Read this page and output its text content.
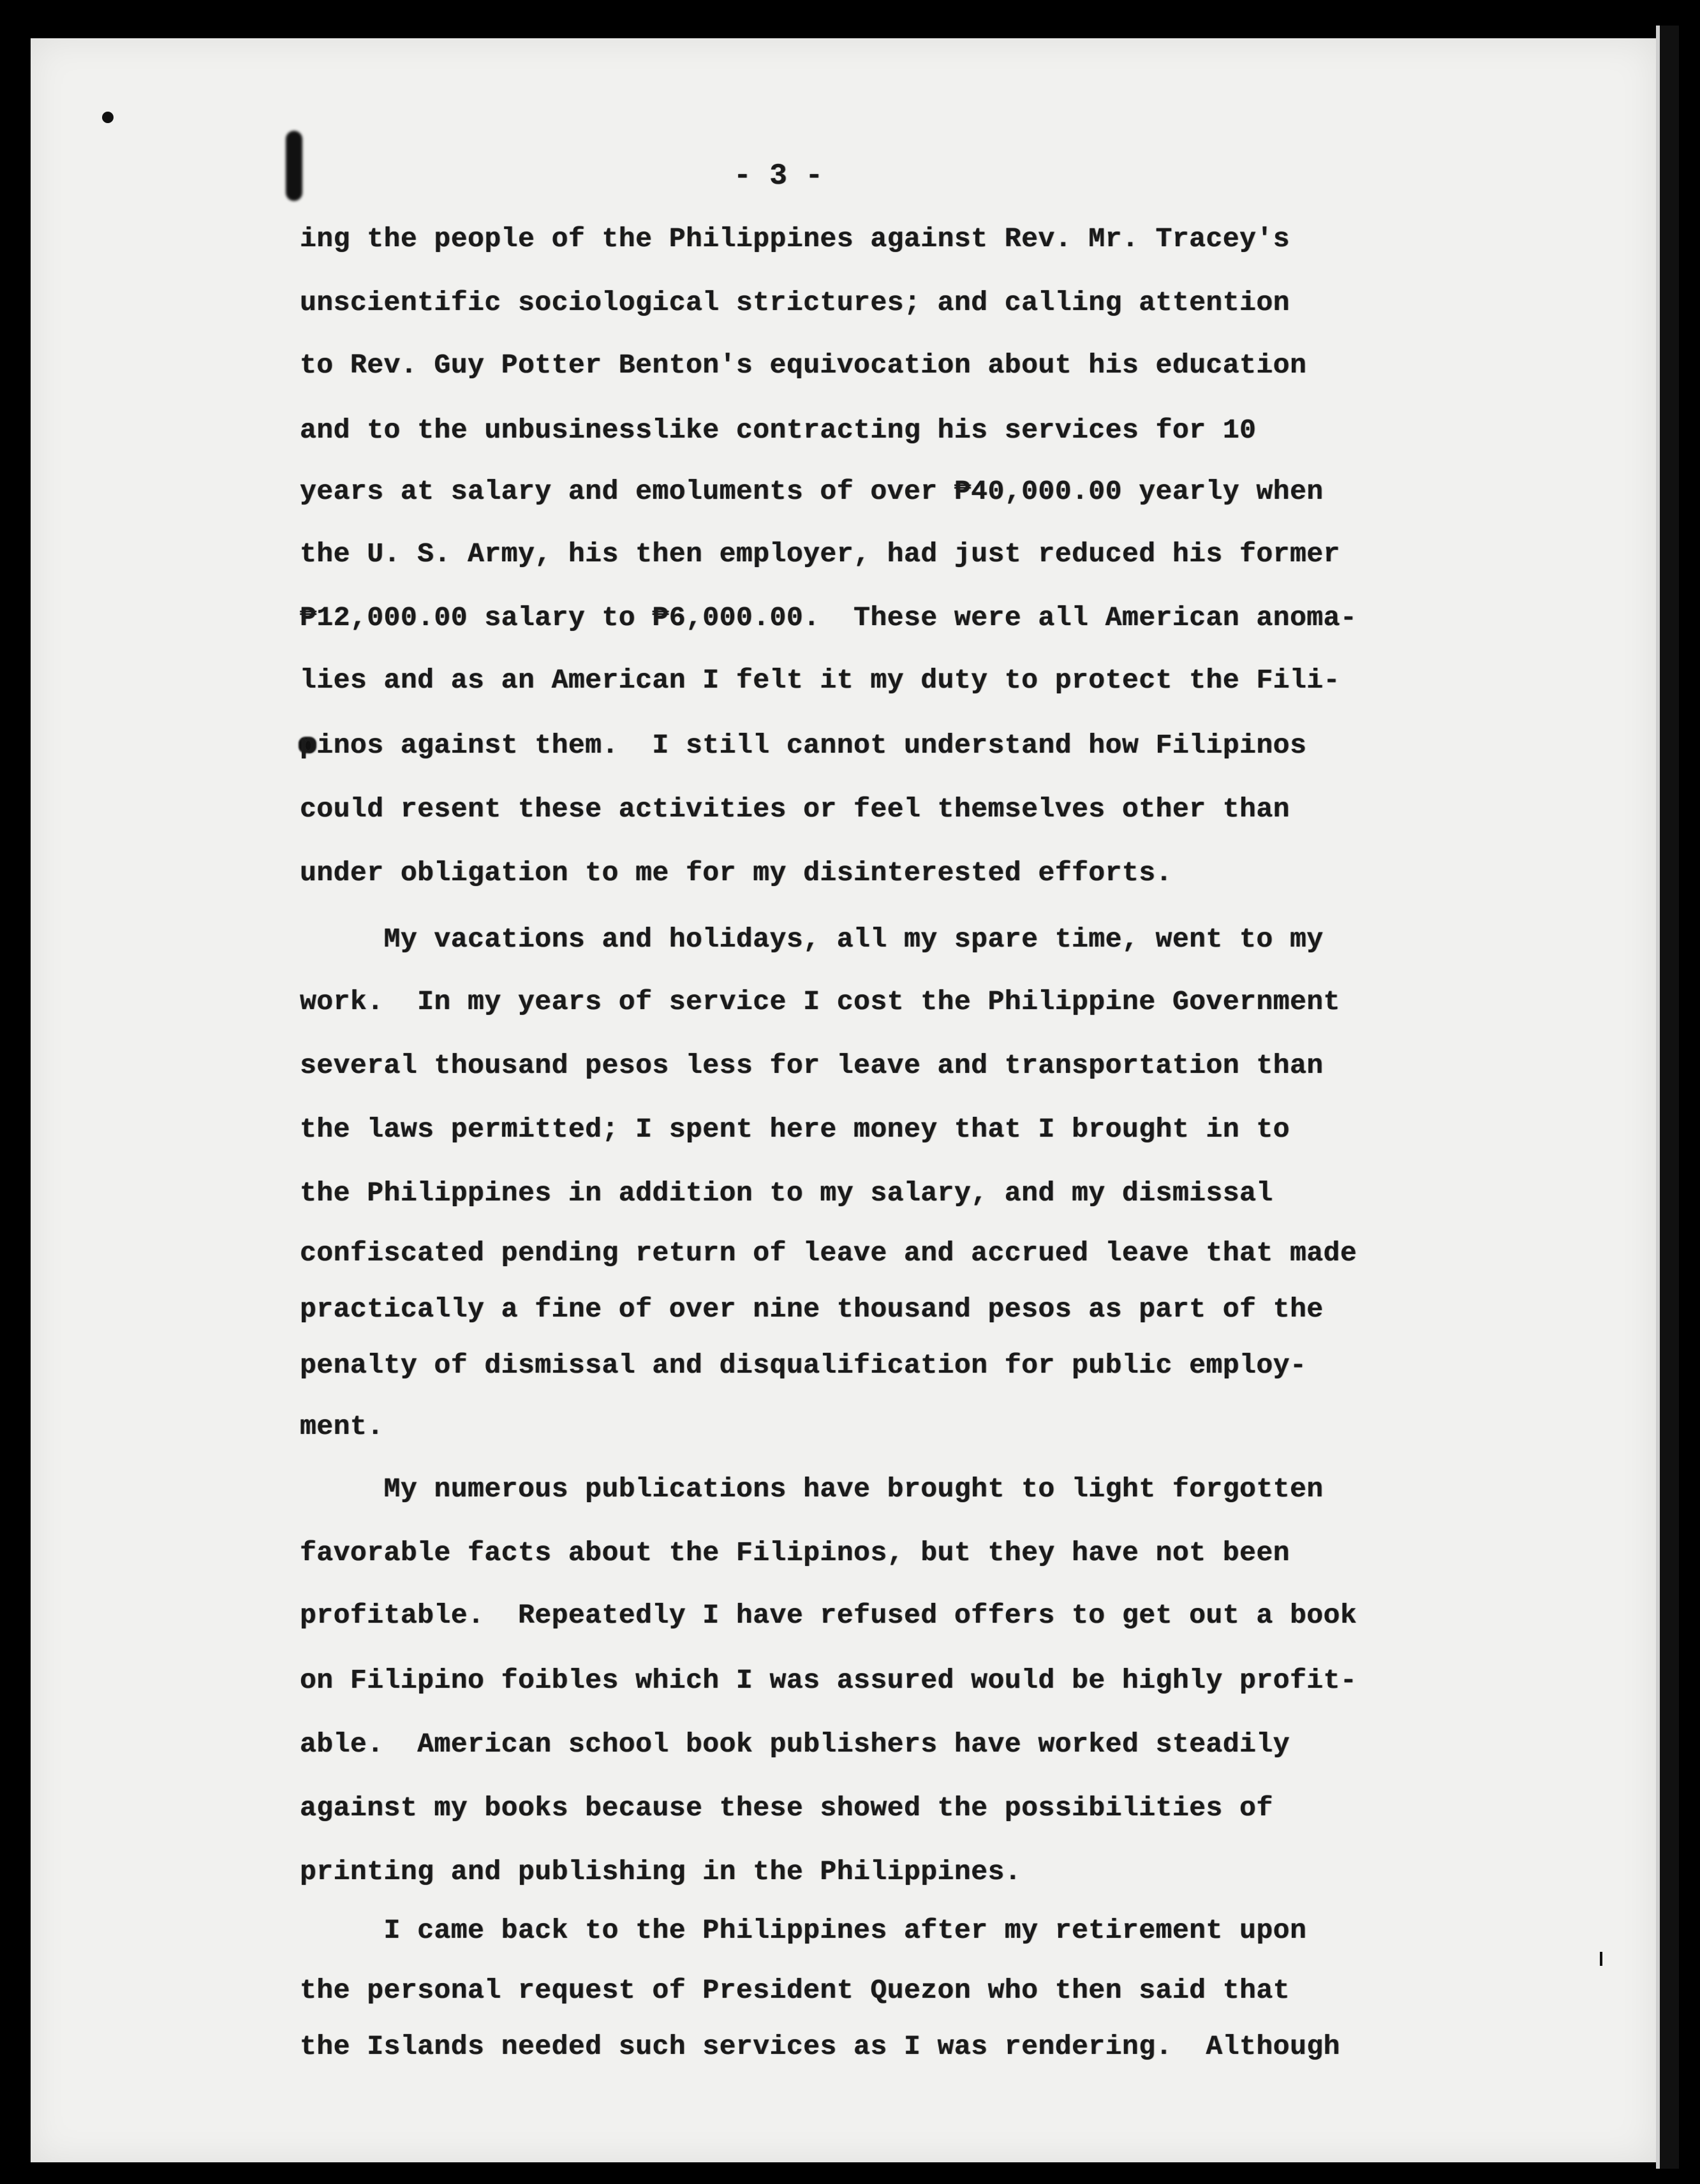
- 3 -
ing the people of the Philippines against Rev. Mr. Tracey's
unscientific sociological strictures; and calling attention
to Rev. Guy Potter Benton's equivocation about his education
and to the unbusinesslike contracting his services for 10
years at salary and emoluments of over ₱40,000.00 yearly when
the U. S. Army, his then employer, had just reduced his former
₱12,000.00 salary to ₱6,000.00.  These were all American anoma-
lies and as an American I felt it my duty to protect the Fili-
pinos against them.  I still cannot understand how Filipinos
could resent these activities or feel themselves other than
under obligation to me for my disinterested efforts.
My vacations and holidays, all my spare time, went to my
work.  In my years of service I cost the Philippine Government
several thousand pesos less for leave and transportation than
the laws permitted; I spent here money that I brought in to
the Philippines in addition to my salary, and my dismissal
confiscated pending return of leave and accrued leave that made
practically a fine of over nine thousand pesos as part of the
penalty of dismissal and disqualification for public employ-
ment.
My numerous publications have brought to light forgotten
favorable facts about the Filipinos, but they have not been
profitable.  Repeatedly I have refused offers to get out a book
on Filipino foibles which I was assured would be highly profit-
able.  American school book publishers have worked steadily
against my books because these showed the possibilities of
printing and publishing in the Philippines.
I came back to the Philippines after my retirement upon
the personal request of President Quezon who then said that
the Islands needed such services as I was rendering.  Although
